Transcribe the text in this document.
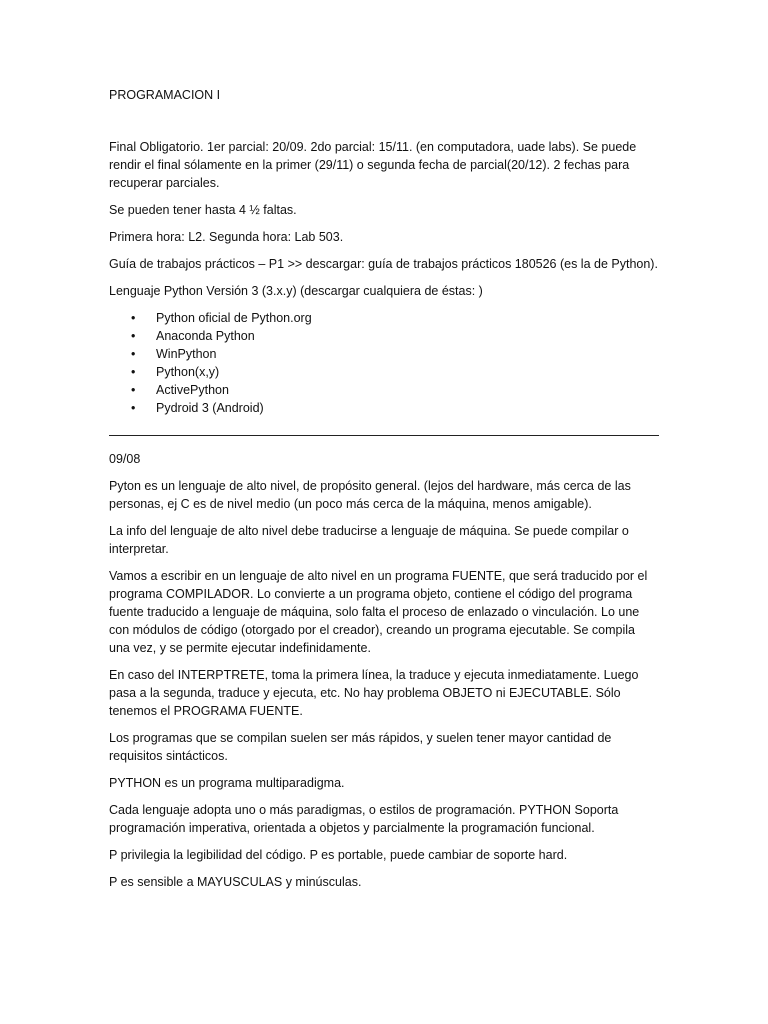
PROGRAMACION I

Final Obligatorio. 1er parcial: 20/09. 2do parcial: 15/11. (en computadora, uade labs). Se puede rendir el final sólamente en la primer (29/11) o segunda fecha de parcial(20/12). 2 fechas para recuperar parciales.

Se pueden tener hasta 4 ½ faltas.

Primera hora: L2. Segunda hora: Lab 503.

Guía de trabajos prácticos – P1 >> descargar: guía de trabajos prácticos 180526 (es la de Python).

Lenguaje Python Versión 3 (3.x.y) (descargar cualquiera de éstas: )

• Python oficial de Python.org
• Anaconda Python
• WinPython
• Python(x,y)
• ActivePython
• Pydroid 3 (Android)

09/08

Pyton es un lenguaje de alto nivel, de propósito general. (lejos del hardware, más cerca de las personas, ej C es de nivel medio (un poco más cerca de la máquina, menos amigable).

La info del lenguaje de alto nivel debe traducirse a lenguaje de máquina. Se puede compilar o interpretar.

Vamos a escribir en un lenguaje de alto nivel en un programa FUENTE, que será traducido por el programa COMPILADOR. Lo convierte a un programa objeto, contiene el código del programa fuente traducido a lenguaje de máquina, solo falta el proceso de enlazado o vinculación. Lo une con módulos de código (otorgado por el creador), creando un programa ejecutable. Se compila una vez, y se permite ejecutar indefinidamente.

En caso del INTERPTRETE, toma la primera línea, la traduce y ejecuta inmediatamente. Luego pasa a la segunda, traduce y ejecuta, etc. No hay problema OBJETO ni EJECUTABLE. Sólo tenemos el PROGRAMA FUENTE.

Los programas que se compilan suelen ser más rápidos, y suelen tener mayor cantidad de requisitos sintácticos.

PYTHON es un programa multiparadigma.

Cada lenguaje adopta uno o más paradigmas, o estilos de programación. PYTHON Soporta programación imperativa, orientada a objetos y parcialmente la programación funcional.

P privilegia la legibilidad del código. P es portable, puede cambiar de soporte hard.

P es sensible a MAYUSCULAS y minúsculas.
